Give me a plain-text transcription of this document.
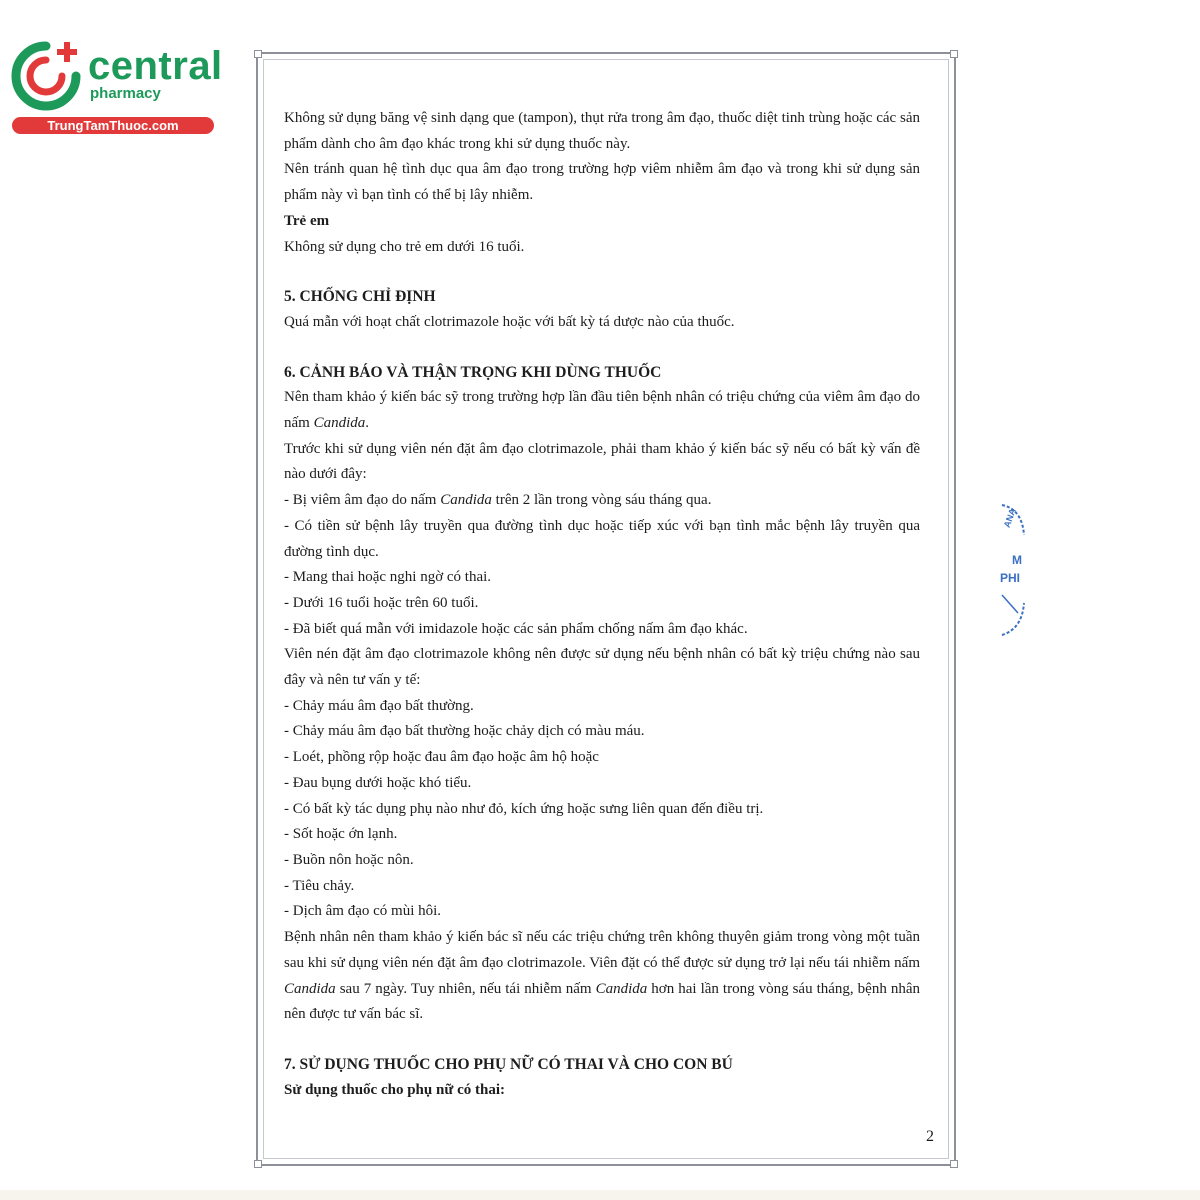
central
pharmacy
TrungTamThuoc.com	Không sử dụng băng vệ sinh dạng que (tampon), thụt rửa trong âm đạo, thuốc diệt tinh trùng hoặc các sản phẩm dành cho âm đạo khác trong khi sử dụng thuốc này.

Nên tránh quan hệ tình dục qua âm đạo trong trường hợp viêm nhiễm âm đạo và trong khi sử dụng sản phẩm này vì bạn tình có thể bị lây nhiễm.

Trẻ em

Không sử dụng cho trẻ em dưới 16 tuổi.

5. CHỐNG CHỈ ĐỊNH

Quá mẫn với hoạt chất clotrimazole hoặc với bất kỳ tá dược nào của thuốc.

6. CẢNH BÁO VÀ THẬN TRỌNG KHI DÙNG THUỐC

Nên tham khảo ý kiến bác sỹ trong trường hợp lần đầu tiên bệnh nhân có triệu chứng của viêm âm đạo do nấm Candida.

Trước khi sử dụng viên nén đặt âm đạo clotrimazole, phải tham khảo ý kiến bác sỹ nếu có bất kỳ vấn đề nào dưới đây:

- Bị viêm âm đạo do nấm Candida trên 2 lần trong vòng sáu tháng qua.

- Có tiền sử bệnh lây truyền qua đường tình dục hoặc tiếp xúc với bạn tình mắc bệnh lây truyền qua đường tình dục.

- Mang thai hoặc nghi ngờ có thai.

- Dưới 16 tuổi hoặc trên 60 tuổi.

- Đã biết quá mẫn với imidazole hoặc các sản phẩm chống nấm âm đạo khác.

Viên nén đặt âm đạo clotrimazole không nên được sử dụng nếu bệnh nhân có bất kỳ triệu chứng nào sau đây và nên tư vấn y tế:

- Chảy máu âm đạo bất thường.

- Chảy máu âm đạo bất thường hoặc chảy dịch có màu máu.

- Loét, phồng rộp hoặc đau âm đạo hoặc âm hộ hoặc

- Đau bụng dưới hoặc khó tiểu.

- Có bất kỳ tác dụng phụ nào như đỏ, kích ứng hoặc sưng liên quan đến điều trị.

- Sốt hoặc ớn lạnh.

- Buồn nôn hoặc nôn.

- Tiêu chảy.

- Dịch âm đạo có mùi hôi.

Bệnh nhân nên tham khảo ý kiến bác sĩ nếu các triệu chứng trên không thuyên giảm trong vòng một tuần sau khi sử dụng viên nén đặt âm đạo clotrimazole. Viên đặt có thể được sử dụng trở lại nếu tái nhiễm nấm Candida sau 7 ngày. Tuy nhiên, nếu tái nhiễm nấm Candida hơn hai lần trong vòng sáu tháng, bệnh nhân nên được tư vấn bác sĩ.

7. SỬ DỤNG THUỐC CHO PHỤ NỮ CÓ THAI VÀ CHO CON BÚ

Sử dụng thuốc cho phụ nữ có thai:

2
ANA
M
PHI
